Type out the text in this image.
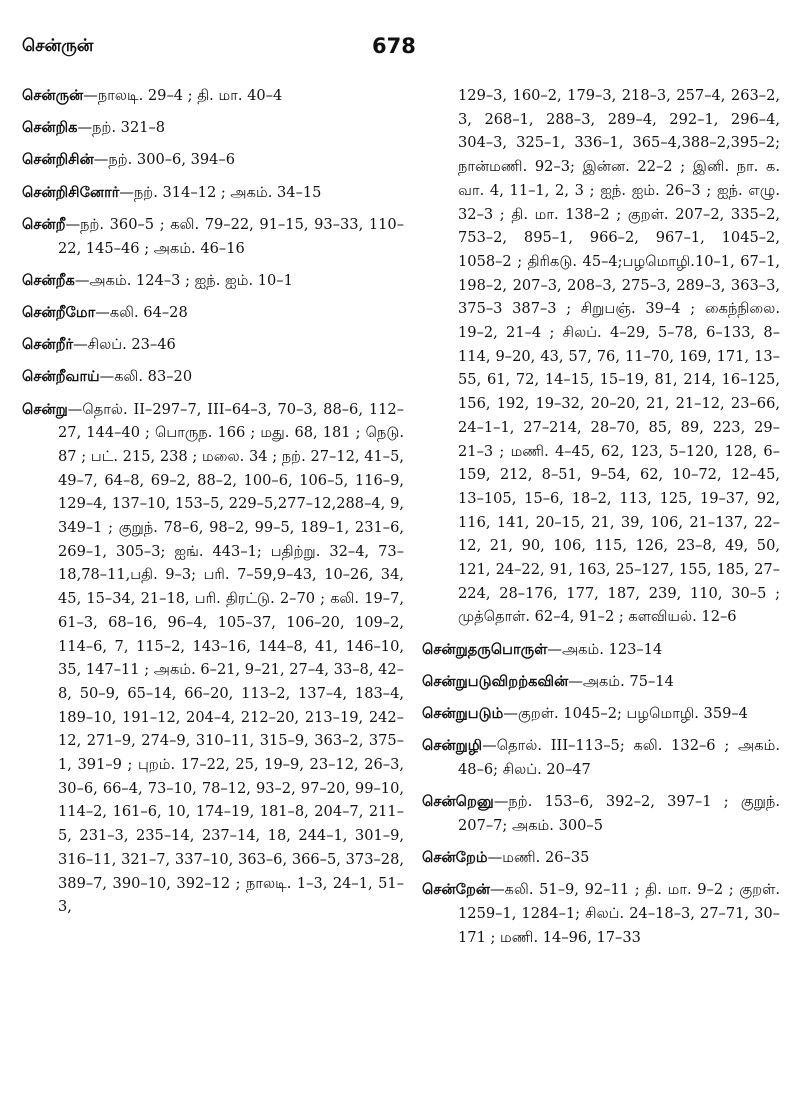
சென்ருன்	678

சென்ருன்—நாலடி. 29–4 ; தி. மா. 40–4

சென்றிக—நற். 321–8

சென்றிசின்—நற். 300–6, 394–6

சென்றிசினோர்—நற். 314–12 ; அகம். 34–15

சென்றீ—நற். 360–5 ; கலி. 79–22, 91–15, 93–33, 110–22, 145–46 ; அகம். 46–16

சென்றீக—அகம். 124–3 ; ஐந். ஐம். 10–1

சென்றீமோ—கலி. 64–28

சென்றீர்—சிலப். 23–46

சென்றீவாய்—கலி. 83–20

சென்று—தொல். II–297–7, III–64–3, 70–3, 88–6, 112–27, 144–40 ; பொருந. 166 ; மது. 68, 181 ; நெடு. 87 ; பட். 215, 238 ; மலை. 34 ; நற். 27–12, 41–5, 49–7, 64–8, 69–2, 88–2, 100–6, 106–5, 116–9, 129–4, 137–10, 153–5, 229–5,277–12,288–4, 9, 349–1 ; குறுந். 78–6, 98–2, 99–5, 189–1, 231–6, 269–1, 305–3; ஐங். 443–1; பதிற்று. 32–4, 73–18,78–11,பதி. 9–3; பரி. 7–59,9–43, 10–26, 34, 45, 15–34, 21–18, பரி. திரட்டு. 2–70 ; கலி. 19–7, 61–3, 68–16, 96–4, 105–37, 106–20, 109–2, 114–6, 7, 115–2, 143–16, 144–8, 41, 146–10, 35, 147–11 ; அகம். 6–21, 9–21, 27–4, 33–8, 42–8, 50–9, 65–14, 66–20, 113–2, 137–4, 183–4, 189–10, 191–12, 204–4, 212–20, 213–19, 242–12, 271–9, 274–9, 310–11, 315–9, 363–2, 375–1, 391–9 ; புறம். 17–22, 25, 19–9, 23–12, 26–3, 30–6, 66–4, 73–10, 78–12, 93–2, 97–20, 99–10, 114–2, 161–6, 10, 174–19, 181–8, 204–7, 211–5, 231–3, 235–14, 237–14, 18, 244–1, 301–9, 316–11, 321–7, 337–10, 363–6, 366–5, 373–28, 389–7, 390–10, 392–12 ; நாலடி. 1–3, 24–1, 51–3,

129–3, 160–2, 179–3, 218–3, 257–4, 263–2, 3, 268–1, 288–3, 289–4, 292–1, 296–4, 304–3, 325–1, 336–1, 365–4,388–2,395–2; நான்மணி. 92–3; இன்ன. 22–2 ; இனி. நா. க. வா. 4, 11–1, 2, 3 ; ஐந். ஐம். 26–3 ; ஐந். எழு. 32–3 ; தி. மா. 138–2 ; குறள். 207–2, 335–2, 753–2, 895–1, 966–2, 967–1, 1045–2, 1058–2 ; திரிகடு. 45–4;பழமொழி.10–1, 67–1, 198–2, 207–3, 208–3, 275–3, 289–3, 363–3, 375–3 387–3 ; சிறுபஞ். 39–4 ; கைந்நிலை. 19–2, 21–4 ; சிலப். 4–29, 5–78, 6–133, 8–114, 9–20, 43, 57, 76, 11–70, 169, 171, 13–55, 61, 72, 14–15, 15–19, 81, 214, 16–125, 156, 192, 19–32, 20–20, 21, 21–12, 23–66, 24–1–1, 27–214, 28–70, 85, 89, 223, 29–21–3 ; மணி. 4–45, 62, 123, 5–120, 128, 6–159, 212, 8–51, 9–54, 62, 10–72, 12–45, 13–105, 15–6, 18–2, 113, 125, 19–37, 92, 116, 141, 20–15, 21, 39, 106, 21–137, 22–12, 21, 90, 106, 115, 126, 23–8, 49, 50, 121, 24–22, 91, 163, 25–127, 155, 185, 27–224, 28–176, 177, 187, 239, 110, 30–5 ; முத்தொள். 62–4, 91–2 ; களவியல். 12–6

சென்றுதருபொருள்—அகம். 123–14

சென்றுபடுவிறற்கவின்—அகம். 75–14

சென்றுபடும்—குறள். 1045–2; பழமொழி. 359–4

சென்றுழி—தொல். III–113–5; கலி. 132–6 ; அகம். 48–6; சிலப். 20–47

சென்றெனு—நற். 153–6, 392–2, 397–1 ; குறுந். 207–7; அகம். 300–5

சென்றேம்—மணி. 26–35

சென்றேன்—கலி. 51–9, 92–11 ; தி. மா. 9–2 ; குறள். 1259–1, 1284–1; சிலப். 24–18–3, 27–71, 30–171 ; மணி. 14–96, 17–33
